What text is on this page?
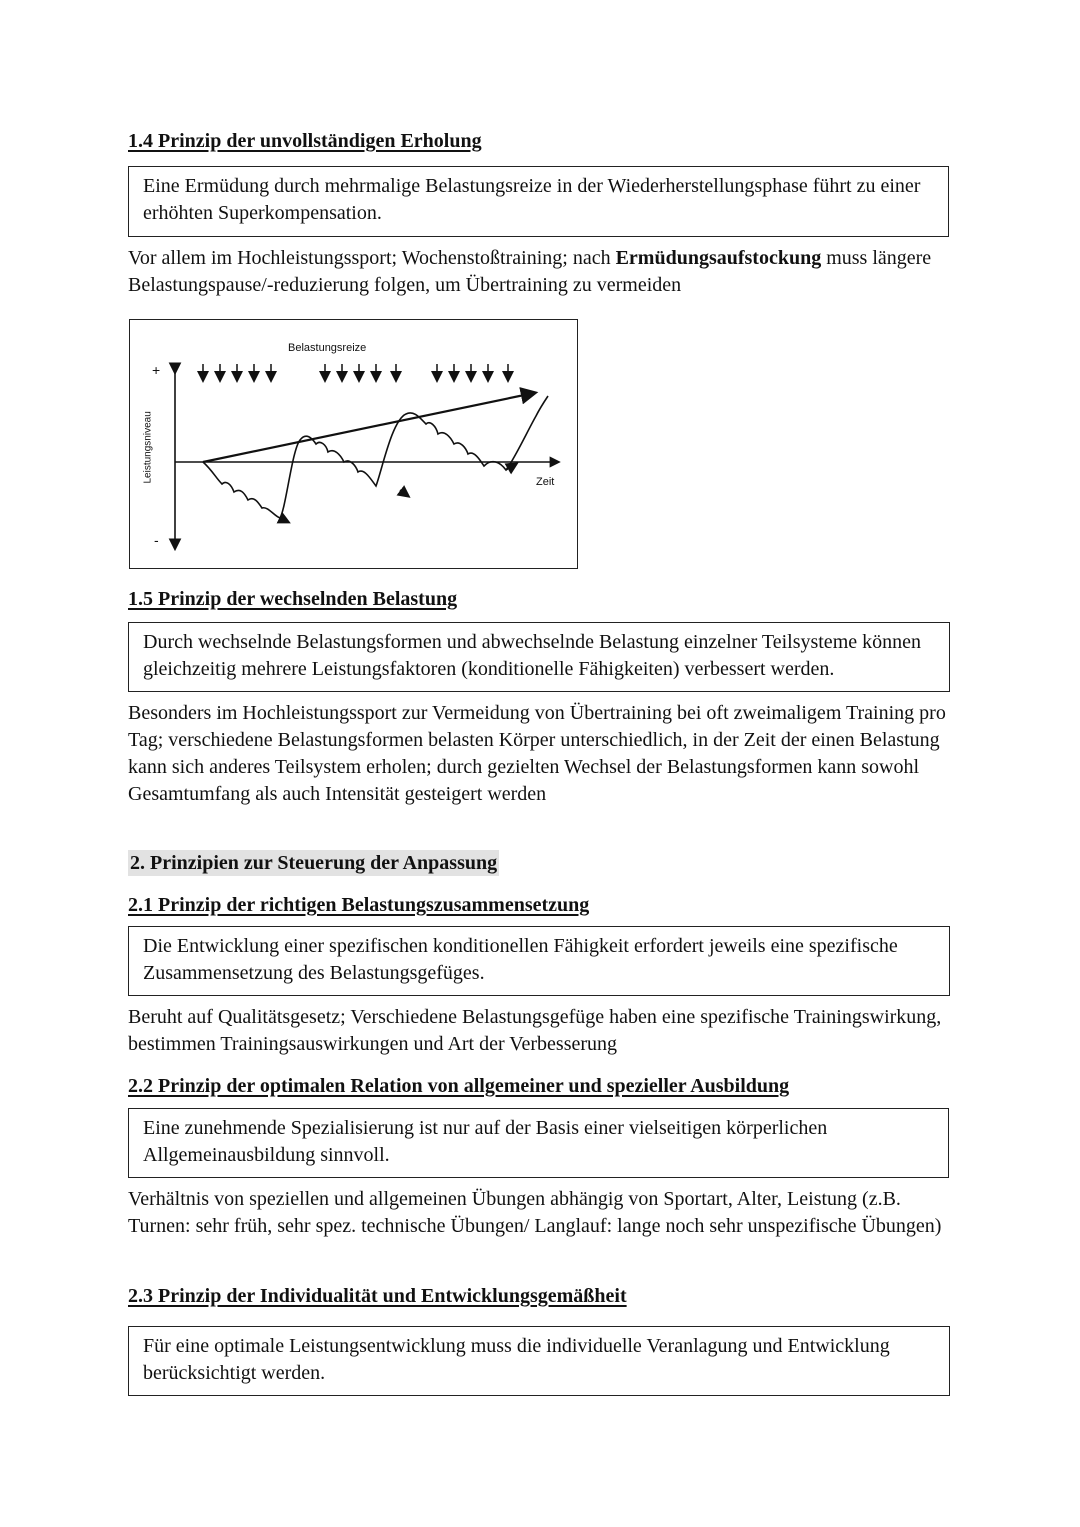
1.4 Prinzip der unvollständigen Erholung

Eine Ermüdung durch mehrmalige Belastungsreize in der Wiederherstellungsphase führt zu einer erhöhten Superkompensation.

Vor allem im Hochleistungssport; Wochenstoßtraining; nach Ermüdungsaufstockung muss längere Belastungspause/-reduzierung folgen, um Übertraining zu vermeiden

Belastungsreize
+
-
Zeit
Leistungsniveau

1.5 Prinzip der wechselnden Belastung

Durch wechselnde Belastungsformen und abwechselnde Belastung einzelner Teilsysteme können gleichzeitig mehrere Leistungsfaktoren (konditionelle Fähigkeiten) verbessert werden.

Besonders im Hochleistungssport zur Vermeidung von Übertraining bei oft zweimaligem Training pro Tag; verschiedene Belastungsformen belasten Körper unterschiedlich, in der Zeit der einen Belastung kann sich anderes Teilsystem erholen; durch gezielten Wechsel der Belastungsformen kann sowohl Gesamtumfang als auch Intensität gesteigert werden

2. Prinzipien zur Steuerung der Anpassung

2.1 Prinzip der richtigen Belastungszusammensetzung

Die Entwicklung einer spezifischen konditionellen Fähigkeit erfordert jeweils eine spezifische Zusammensetzung des Belastungsgefüges.

Beruht auf Qualitätsgesetz; Verschiedene Belastungsgefüge haben eine spezifische Trainingswirkung, bestimmen Trainingsauswirkungen und Art der Verbesserung

2.2 Prinzip der optimalen Relation von allgemeiner und spezieller Ausbildung

Eine zunehmende Spezialisierung ist nur auf der Basis einer vielseitigen körperlichen Allgemeinausbildung sinnvoll.

Verhältnis von speziellen und allgemeinen Übungen abhängig von Sportart, Alter, Leistung (z.B. Turnen: sehr früh, sehr spez. technische Übungen/ Langlauf: lange noch sehr unspezifische Übungen)

2.3 Prinzip der Individualität und Entwicklungsgemäßheit

Für eine optimale Leistungsentwicklung muss die individuelle Veranlagung und Entwicklung berücksichtigt werden.
